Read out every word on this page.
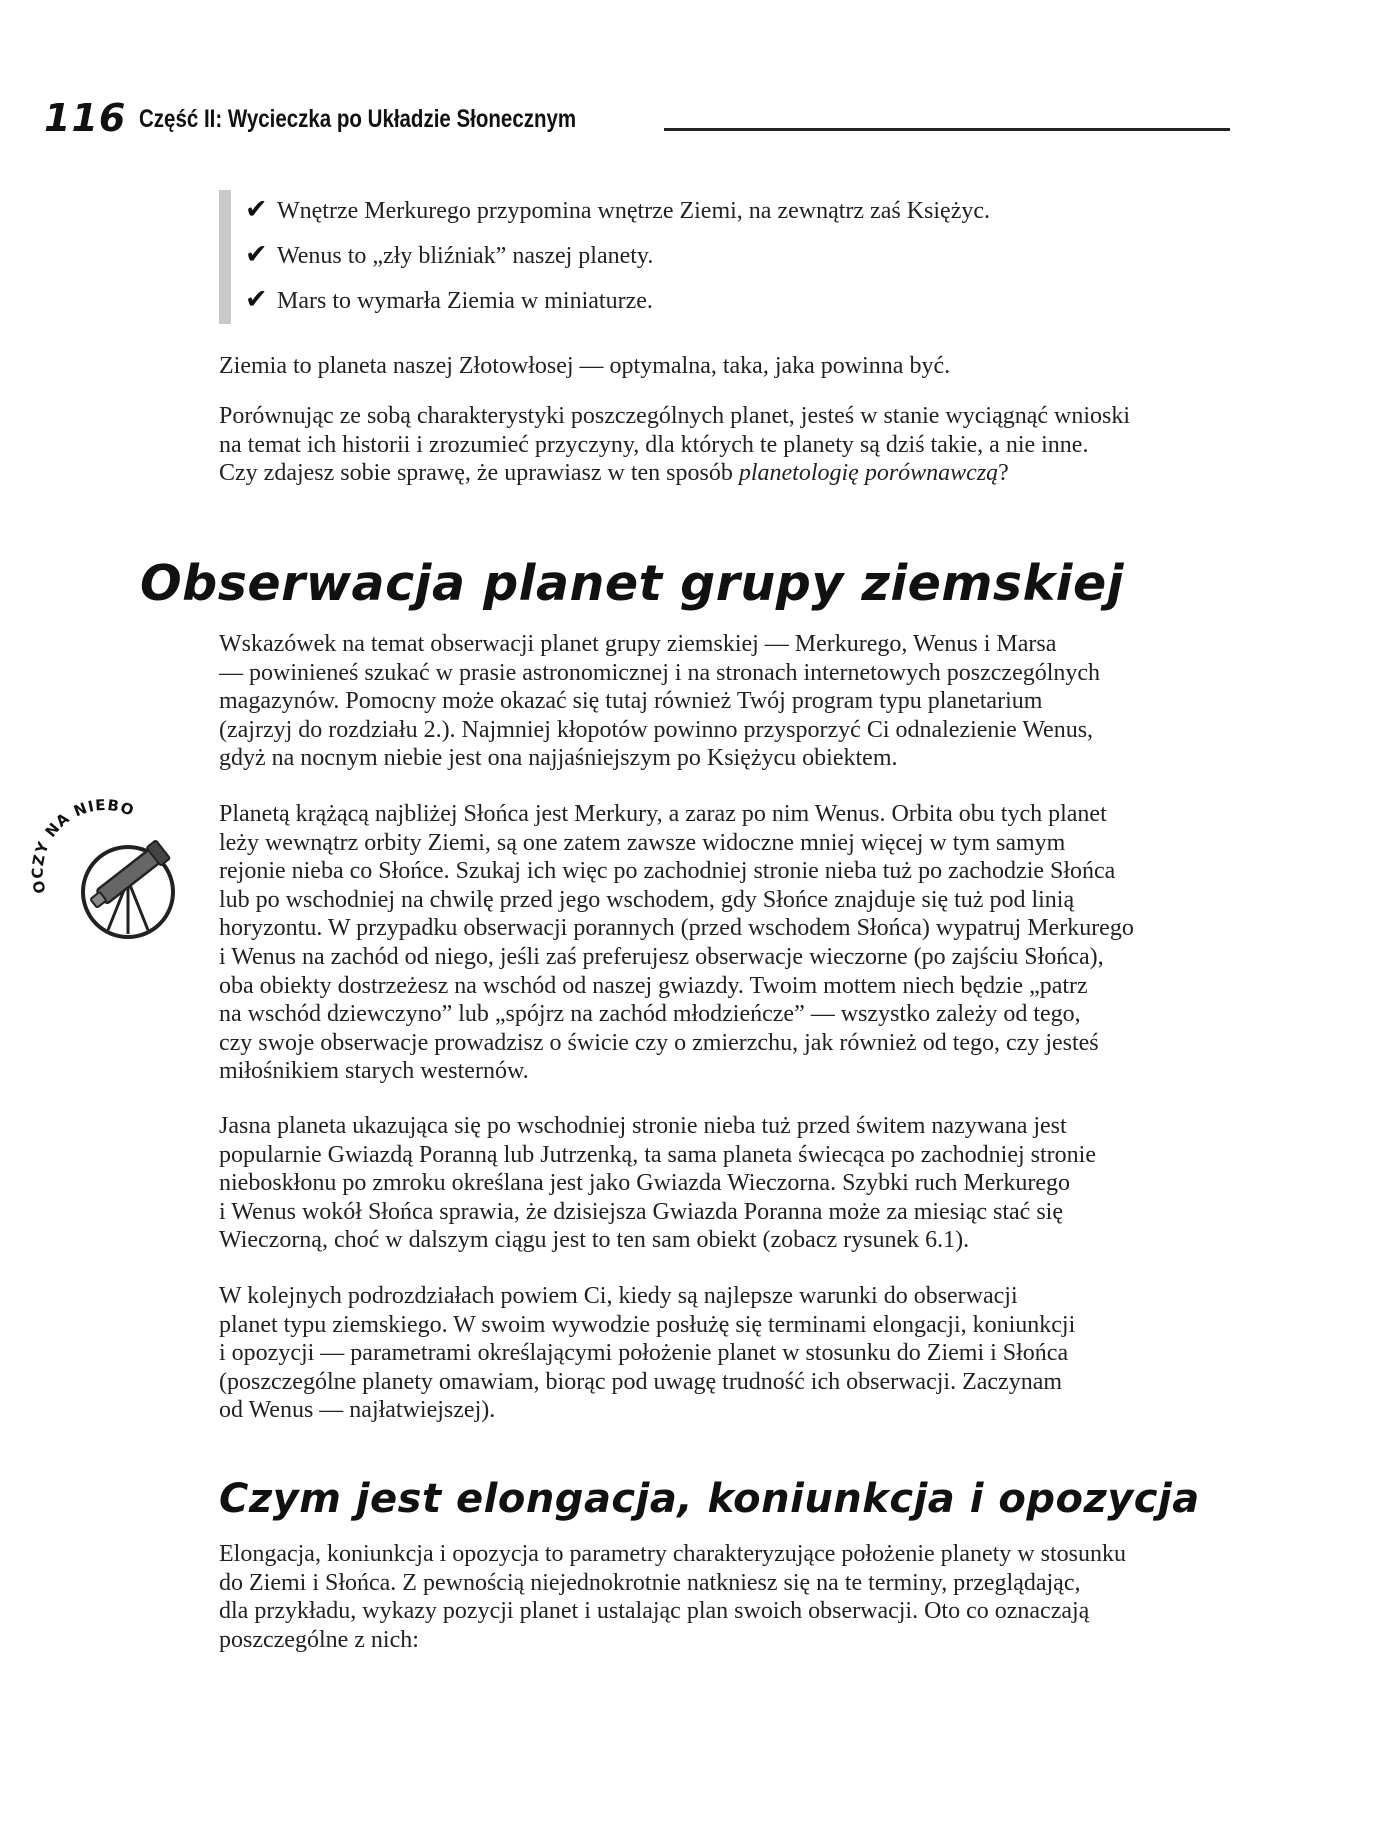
116 Część II: Wycieczka po Układzie Słonecznym
✔ Wnętrze Merkurego przypomina wnętrze Ziemi, na zewnątrz zaś Księżyc.
✔ Wenus to „zły bliźniak” naszej planety.
✔ Mars to wymarła Ziemia w miniaturze.

Ziemia to planeta naszej Złotowłosej — optymalna, taka, jaka powinna być.

Porównując ze sobą charakterystyki poszczególnych planet, jesteś w stanie wyciągnąć wnioski
na temat ich historii i zrozumieć przyczyny, dla których te planety są dziś takie, a nie inne.
Czy zdajesz sobie sprawę, że uprawiasz w ten sposób planetologię porównawczą?

Obserwacja planet grupy ziemskiej

Wskazówek na temat obserwacji planet grupy ziemskiej — Merkurego, Wenus i Marsa
— powinieneś szukać w prasie astronomicznej i na stronach internetowych poszczególnych
magazynów. Pomocny może okazać się tutaj również Twój program typu planetarium
(zajrzyj do rozdziału 2.). Najmniej kłopotów powinno przysporzyć Ci odnalezienie Wenus,
gdyż na nocnym niebie jest ona najjaśniejszym po Księżycu obiektem.

OCZY NA NIEBO	Planetą krążącą najbliżej Słońca jest Merkury, a zaraz po nim Wenus. Orbita obu tych planet
leży wewnątrz orbity Ziemi, są one zatem zawsze widoczne mniej więcej w tym samym
rejonie nieba co Słońce. Szukaj ich więc po zachodniej stronie nieba tuż po zachodzie Słońca
lub po wschodniej na chwilę przed jego wschodem, gdy Słońce znajduje się tuż pod linią
horyzontu. W przypadku obserwacji porannych (przed wschodem Słońca) wypatruj Merkurego
i Wenus na zachód od niego, jeśli zaś preferujesz obserwacje wieczorne (po zajściu Słońca),
oba obiekty dostrzeżesz na wschód od naszej gwiazdy. Twoim mottem niech będzie „patrz
na wschód dziewczyno” lub „spójrz na zachód młodzieńcze” — wszystko zależy od tego,
czy swoje obserwacje prowadzisz o świcie czy o zmierzchu, jak również od tego, czy jesteś
miłośnikiem starych westernów.

Jasna planeta ukazująca się po wschodniej stronie nieba tuż przed świtem nazywana jest
popularnie Gwiazdą Poranną lub Jutrzenką, ta sama planeta świecąca po zachodniej stronie
nieboskłonu po zmroku określana jest jako Gwiazda Wieczorna. Szybki ruch Merkurego
i Wenus wokół Słońca sprawia, że dzisiejsza Gwiazda Poranna może za miesiąc stać się
Wieczorną, choć w dalszym ciągu jest to ten sam obiekt (zobacz rysunek 6.1).

W kolejnych podrozdziałach powiem Ci, kiedy są najlepsze warunki do obserwacji
planet typu ziemskiego. W swoim wywodzie posłużę się terminami elongacji, koniunkcji
i opozycji — parametrami określającymi położenie planet w stosunku do Ziemi i Słońca
(poszczególne planety omawiam, biorąc pod uwagę trudność ich obserwacji. Zaczynam
od Wenus — najłatwiejszej).

Czym jest elongacja, koniunkcja i opozycja

Elongacja, koniunkcja i opozycja to parametry charakteryzujące położenie planety w stosunku
do Ziemi i Słońca. Z pewnością niejednokrotnie natkniesz się na te terminy, przeglądając,
dla przykładu, wykazy pozycji planet i ustalając plan swoich obserwacji. Oto co oznaczają
poszczególne z nich:
